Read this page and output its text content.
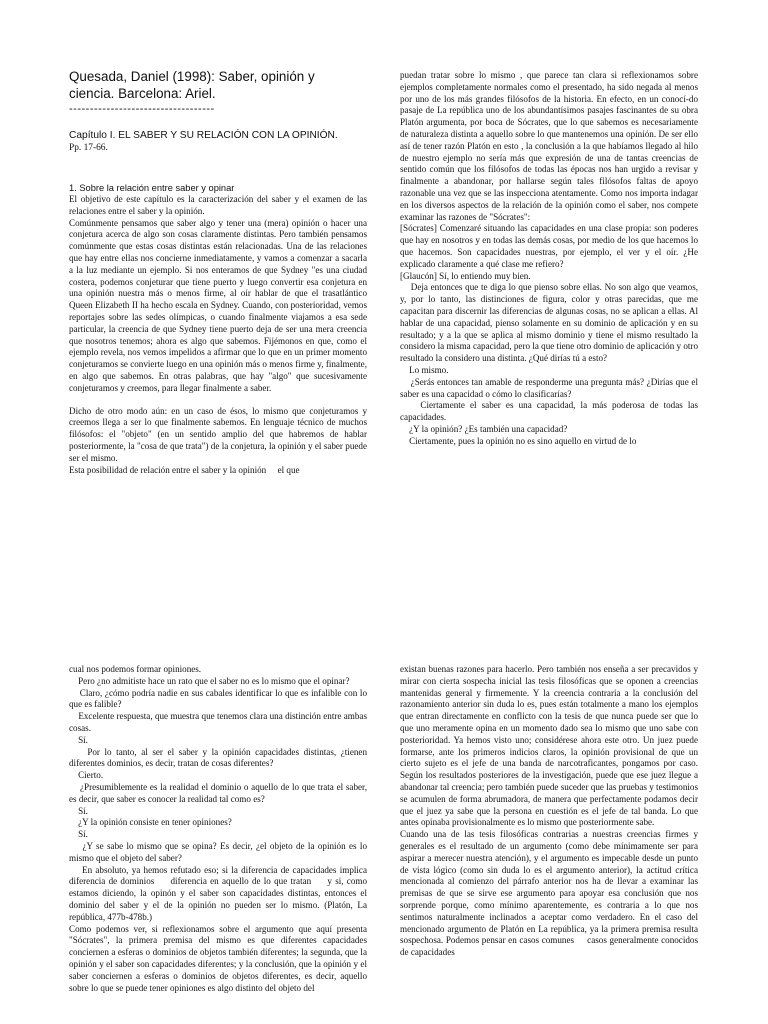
Quesada, Daniel (1998): Saber, opinión y

ciencia. Barcelona: Ariel.

-----------------------------------

Capítulo I. EL SABER Y SU RELACIÓN CON LA OPINIÓN.

Pp. 17-66.

1. Sobre la relación entre saber y opinar

El objetivo de este capítulo es la caracterización del saber y el examen de las relaciones entre el saber y la opinión.

Comúnmente pensamos que saber algo y tener una (mera) opinión o hacer una conjetura acerca de algo son cosas claramente distintas. Pero también pensamos comúnmente que estas cosas distintas están relacionadas. Una de las relaciones que hay entre ellas nos concierne inmediatamente, y vamos a comenzar a sacarla a la luz mediante un ejemplo. Si nos enteramos de que Sydney "es una ciudad costera, podemos conjeturar que tiene puerto y luego convertir esa conjetura en una opinión nuestra más o menos firme, al oír hablar de que el trasatlántico Queen Elizabeth II ha hecho escala en Sydney. Cuando, con posterioridad, vemos reportajes sobre las sedes olímpicas, o cuando finalmente viajamos a esa sede particular, la creencia de que Sydney tiene puerto deja de ser una mera creencia que nosotros tenemos; ahora es algo que sabemos. Fijémonos en que, como el ejemplo revela, nos vemos impelidos a afirmar que lo que en un primer momento conjeturamos se convierte luego en una opinión más o menos firme y, finalmente, en algo que sabemos. En otras palabras, que hay "algo" que sucesivamente conjeturamos y creemos, para llegar finalmente a saber.

Dicho de otro modo aún: en un caso de ésos, lo mismo que conjeturamos y creemos llega a ser lo que finalmente sabemos. En lenguaje técnico de muchos filósofos: el "objeto" (en un sentido amplio del que habremos de hablar posteriormente, la "cosa de que trata") de la conjetura, la opinión y el saber puede ser el mismo.

Esta posibilidad de relación entre el saber y la opinión     el que

puedan tratar sobre lo mismo , que parece tan clara si reflexionamos sobre ejemplos completamente normales como el presentado, ha sido negada al menos por uno de los más grandes filósofos de la historia. En efecto, en un conocí-do pasaje de La república uno de los abundantísimos pasajes fascinantes de su obra Platón argumenta, por boca de Sócrates, que lo que sabemos es necesariamente de naturaleza distinta a aquello sobre lo que mantenemos una opinión. De ser ello así de tener razón Platón en esto , la conclusión a la que habíamos llegado al hilo de nuestro ejemplo no sería más que expresión de una de tantas creencias de sentido común que los filósofos de todas las épocas nos han urgido a revisar y finalmente a abandonar, por hallarse según tales filósofos faltas de apoyo razonable una vez que se las inspecciona atentamente. Como nos importa indagar en los diversos aspectos de la relación de la opinión como el saber, nos compete examinar las razones de "Sócrates":

[Sócrates] Comenzaré situando las capacidades en una clase propia: son poderes que hay en nosotros y en todas las demás cosas, por medio de los que hacemos lo que hacemos. Son capacidades nuestras, por ejemplo, el ver y el oír. ¿He explicado claramente a qué clase me refiero?

[Glaucón] Sí, lo entiendo muy bien.

Deja entonces que te diga lo que pienso sobre ellas. No son algo que veamos, y, por lo tanto, las distinciones de figura, color y otras parecidas, que me capacitan para discernir las diferencias de algunas cosas, no se aplican a ellas. Al hablar de una capacidad, pienso solamente en su dominio de aplicación y en su resultado; y a la que se aplica al mismo dominio y tiene el mismo resultado la considero la misma capacidad, pero la que tiene otro dominio de aplicación y otro resultado la considero una distinta. ¿Qué dirías tú a esto?

Lo mismo.

¿Serás entonces tan amable de responderme una pregunta más? ¿Dirías que el saber es una capacidad o cómo lo clasificarías?

Ciertamente el saber es una capacidad, la más poderosa de todas las capacidades.

¿Y la opinión? ¿Es también una capacidad?

Ciertamente, pues la opinión no es sino aquello en virtud de lo

cual nos podemos formar opiniones.

Pero ¿no admitiste hace un rato que el saber no es lo mismo que el opinar?

Claro, ¿cómo podría nadie en sus cabales identificar lo que es infalible con lo que es falible?

Excelente respuesta, que muestra que tenemos clara una distinción entre ambas cosas.

Sí.

Por lo tanto, al ser el saber y la opinión capacidades distintas, ¿tienen diferentes dominios, es decir, tratan de cosas diferentes?

Cierto.

¿Presumiblemente es la realidad el dominio o aquello de lo que trata el saber, es decir, que saber es conocer la realidad tal como es?

Sí.

¿Y la opinión consiste en tener opiniones?

Sí.

¿Y se sabe lo mismo que se opina? Es decir, ¿el objeto de la opinión es lo mismo que el objeto del saber?

En absoluto, ya hemos refutado eso; si la diferencia de capacidades implica diferencia de dominios     diferencia en aquello de lo que tratan     y si, como estamos diciendo, la opinón y el saber son capacidades distintas, entonces el dominio del saber y el de la opinión no pueden ser lo mismo. (Platón, La república, 477b-478b.)

Como podemos ver, si reflexionamos sobre el argumento que aquí presenta "Sócrates", la primera premisa del mismo es que diferentes capacidades conciernen a esferas o dominios de objetos también diferentes; la segunda, que la opinión y el saber son capacidades diferentes; y la conclusión, que la opinión y el saber conciernen a esferas o dominios de objetos diferentes, es decir, aquello sobre lo que se puede tener opiniones es algo distinto del objeto del

existan buenas razones para hacerlo. Pero también nos enseña a ser precavidos y mirar con cierta sospecha inicial las tesis filosóficas que se oponen a creencias mantenidas general y firmemente. Y la creencia contraria a la conclusión del razonamiento anterior sin duda lo es, pues están totalmente a mano los ejemplos que entran directamente en conflicto con la tesis de que nunca puede ser que lo que uno meramente opina en un momento dado sea lo mismo que uno sabe con posterioridad. Ya hemos visto uno; considérese ahora este otro. Un juez puede formarse, ante los primeros indicios claros, la opinión provisional de que un cierto sujeto es el jefe de una banda de narcotraficantes, pongamos por caso. Según los resultados posteriores de la investigación, puede que ese juez llegue a abandonar tal creencia; pero también puede suceder que las pruebas y testimonios se acumulen de forma abrumadora, de manera que perfectamente podamos decir que el juez ya sabe que la persona en cuestión es el jefe de tal banda. Lo que antes opinaba provisionalmente es lo mismo que posteriormente sabe.

Cuando una de las tesis filosóficas contrarias a nuestras creencias firmes y generales es el resultado de un argumento (como debe mínimamente ser para aspirar a merecer nuestra atención), y el argumento es impecable desde un punto de vista lógico (como sin duda lo es el argumento anterior), la actitud crítica mencionada al comienzo del párrafo anterior nos ha de llevar a examinar las premisas de que se sirve ese argumento para apoyar esa conclusión que nos sorprende porque, como mínimo aparentemente, es contraria a lo que nos sentimos naturalmente inclinados a aceptar como verdadero. En el caso del mencionado argumento de Platón en La república, ya la primera premisa resulta sospechosa. Podemos pensar en casos comunes     casos generalmente conocidos     de capacidades
